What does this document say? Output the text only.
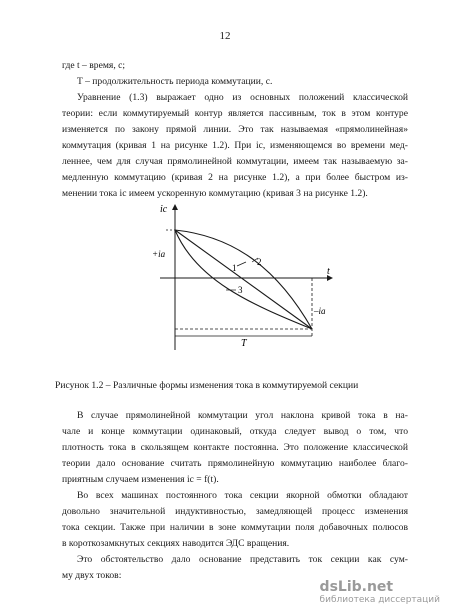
12
где t – время, с;
T – продолжительность периода коммутации, с.
Уравнение (1.3) выражает одно из основных положений классической
теории: если коммутируемый контур является пассивным, ток в этом контуре
изменяется по закону прямой линии. Это так называемая «прямолинейная»
коммутация (кривая 1 на рисунке 1.2). При ic, изменяющемся во времени мед-
леннее, чем для случая прямолинейной коммутации, имеем так называемую за-
медленную коммутацию (кривая 2 на рисунке 1.2), а при более быстром из-
менении тока ic имеем ускоренную коммутацию (кривая 3 на рисунке 1.2).
ic
+ia
t
–ia
T
1
2
3
Рисунок 1.2 – Различные формы изменения тока в коммутируемой секции
В случае прямолинейной коммутации угол наклона кривой тока в на-
чале и конце коммутации одинаковый, откуда следует вывод о том, что
плотность тока в скользящем контакте постоянна. Это положение классической
теории дало основание считать прямолинейную коммутацию наиболее благо-
приятным случаем изменения ic = f(t).
Во всех машинах постоянного тока секции якорной обмотки обладают
довольно значительной индуктивностью, замедляющей процесс изменения
тока секции. Также при наличии в зоне коммутации поля добавочных полюсов
в короткозамкнутых секциях наводится ЭДС вращения.
Это обстоятельство дало основание представить ток секции как сум-
му двух токов:
dsLib.net
библиотека диссертаций
